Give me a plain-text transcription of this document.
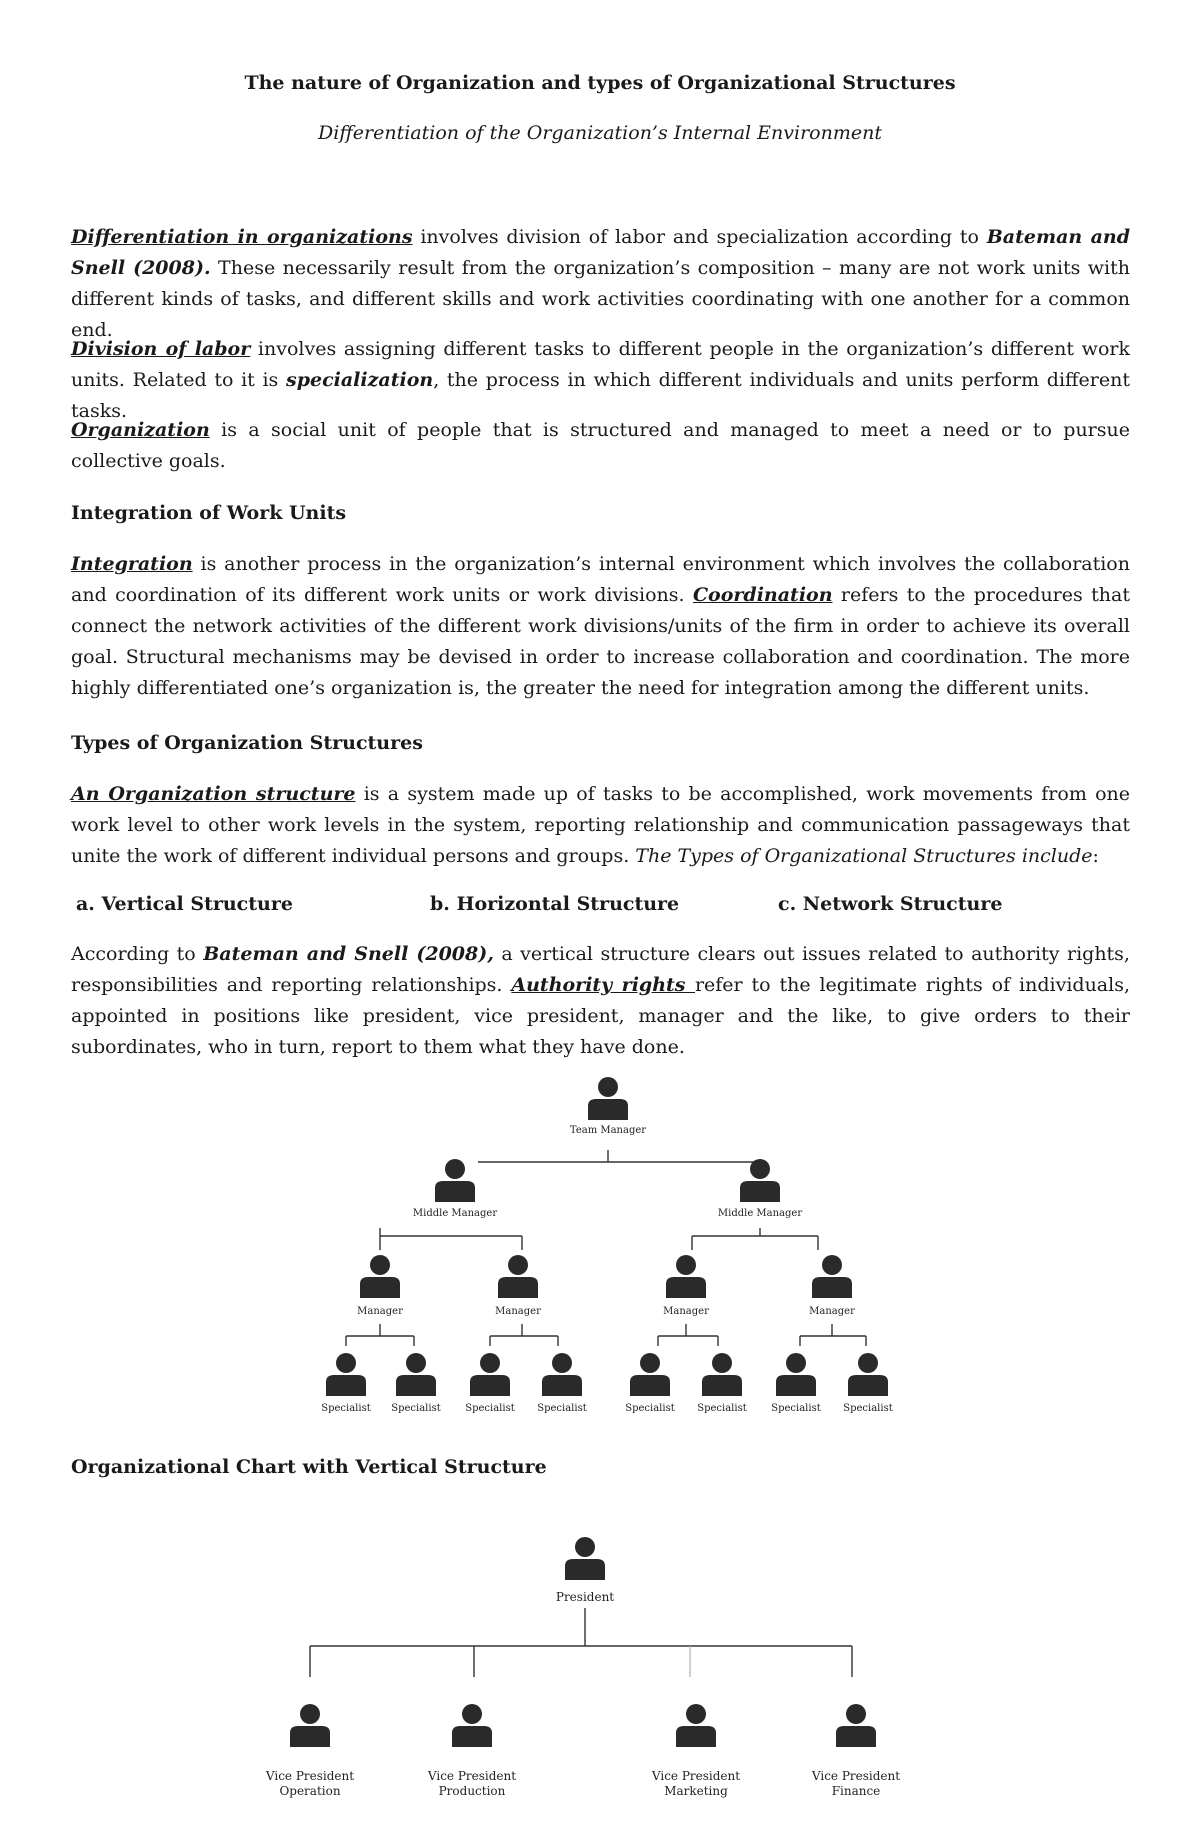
The nature of Organization and types of Organizational Structures
Differentiation of the Organization’s Internal Environment

Differentiation in organizations involves division of labor and specialization according to Bateman and Snell (2008). These necessarily result from the organization’s composition – many are not work units with different kinds of tasks, and different skills and work activities coordinating with one another for a common end.

Division of labor involves assigning different tasks to different people in the organization’s different work units. Related to it is specialization, the process in which different individuals and units perform different tasks.

Organization is a social unit of people that is structured and managed to meet a need or to pursue collective goals.

Integration of Work Units

Integration is another process in the organization’s internal environment which involves the collaboration and coordination of its different work units or work divisions. Coordination refers to the procedures that connect the network activities of the different work divisions/units of the firm in order to achieve its overall goal. Structural mechanisms may be devised in order to increase collaboration and coordination. The more highly differentiated one’s organization is, the greater the need for integration among the different units.

Types of Organization Structures

An Organization structure is a system made up of tasks to be accomplished, work movements from one work level to other work levels in the system, reporting relationship and communication passageways that unite the work of different individual persons and groups. The Types of Organizational Structures include:

a. Vertical Structure	b. Horizontal Structure	c. Network Structure

According to Bateman and Snell (2008), a vertical structure clears out issues related to authority rights, responsibilities and reporting relationships. Authority rights refer to the legitimate rights of individuals, appointed in positions like president, vice president, manager and the like, to give orders to their subordinates, who in turn, report to them what they have done.

Team Manager
Middle Manager	Middle Manager
Manager	Manager	Manager	Manager
Specialist Specialist Specialist Specialist	Specialist Specialist Specialist Specialist
Organizational Chart with Vertical Structure
President
Vice President
Operation
Vice President
Production
Vice President
Marketing
Vice President
Finance
